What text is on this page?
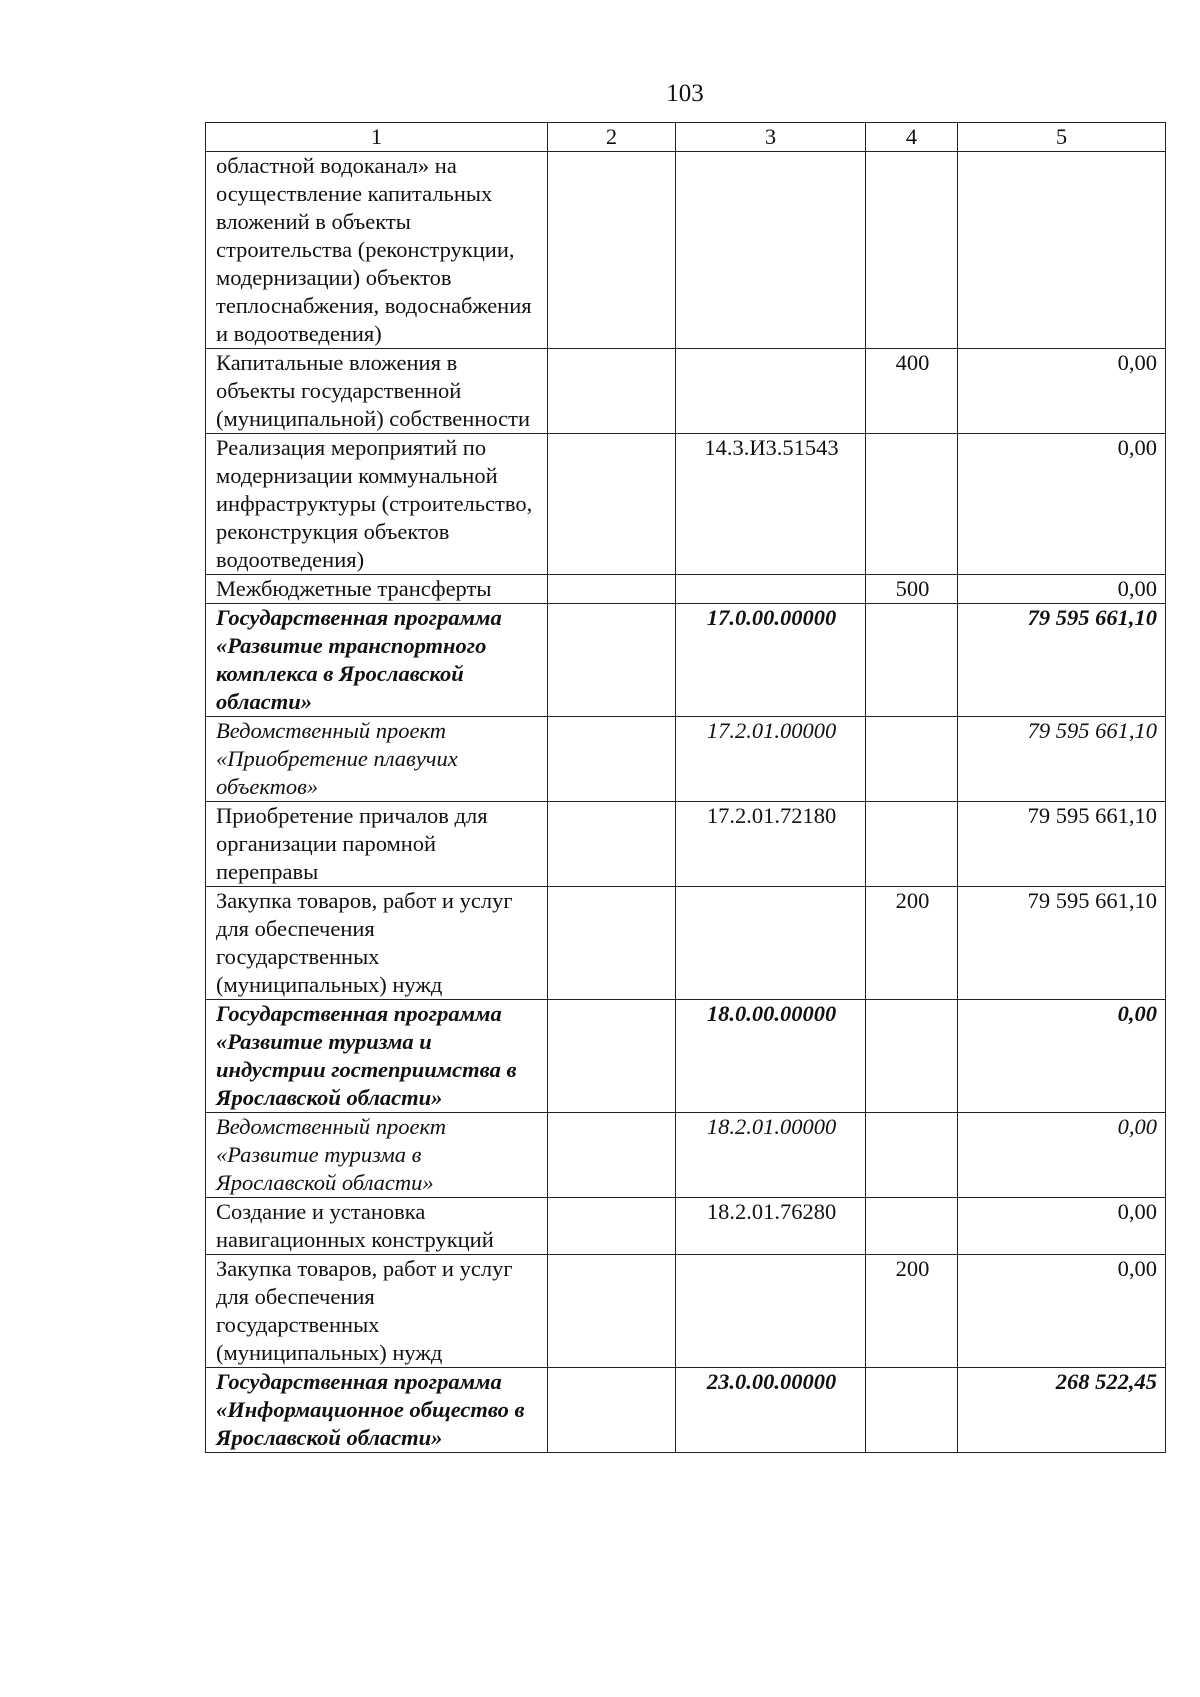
103
1	2	3	4	5
областной водоканал» на осуществление капитальных вложений в объекты строительства (реконструкции, модернизации) объектов теплоснабжения, водоснабжения и водоотведения)				
Капитальные вложения в объекты государственной (муниципальной) собственности			400	0,00
Реализация мероприятий по модернизации коммунальной инфраструктуры (строительство, реконструкция объектов водоотведения)		14.3.И3.51543		0,00
Межбюджетные трансферты			500	0,00
Государственная программа «Развитие транспортного комплекса в Ярославской области»		17.0.00.00000		79 595 661,10
Ведомственный проект «Приобретение плавучих объектов»		17.2.01.00000		79 595 661,10
Приобретение причалов для организации паромной переправы		17.2.01.72180		79 595 661,10
Закупка товаров, работ и услуг для обеспечения государственных (муниципальных) нужд			200	79 595 661,10
Государственная программа «Развитие туризма и индустрии гостеприимства в Ярославской области»		18.0.00.00000		0,00
Ведомственный проект «Развитие туризма в Ярославской области»		18.2.01.00000		0,00
Создание и установка навигационных конструкций		18.2.01.76280		0,00
Закупка товаров, работ и услуг для обеспечения государственных (муниципальных) нужд			200	0,00
Государственная программа «Информационное общество в Ярославской области»		23.0.00.00000		268 522,45
